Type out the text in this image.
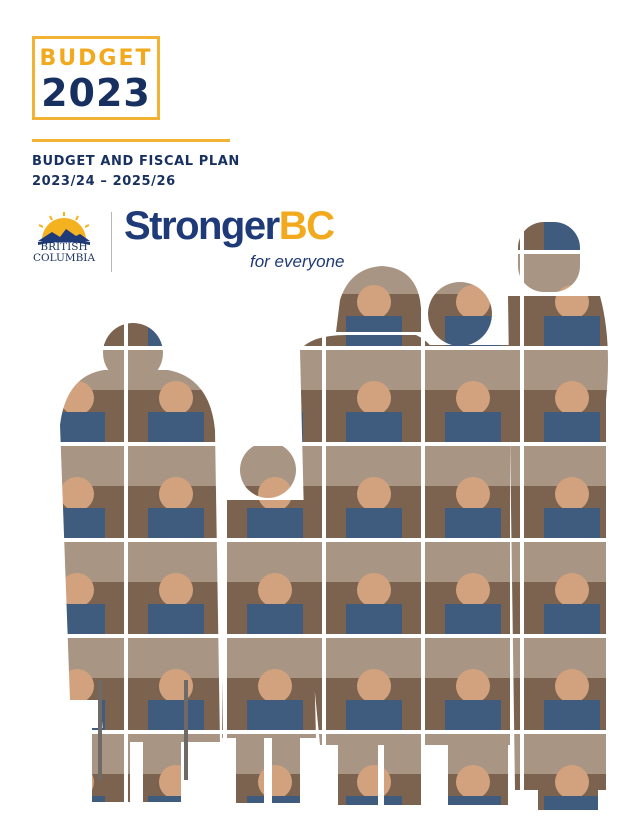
BUDGET
2023
BUDGET AND FISCAL PLAN
2023/24 – 2025/26
BRITISH
COLUMBIA
StrongerBC
for everyone
